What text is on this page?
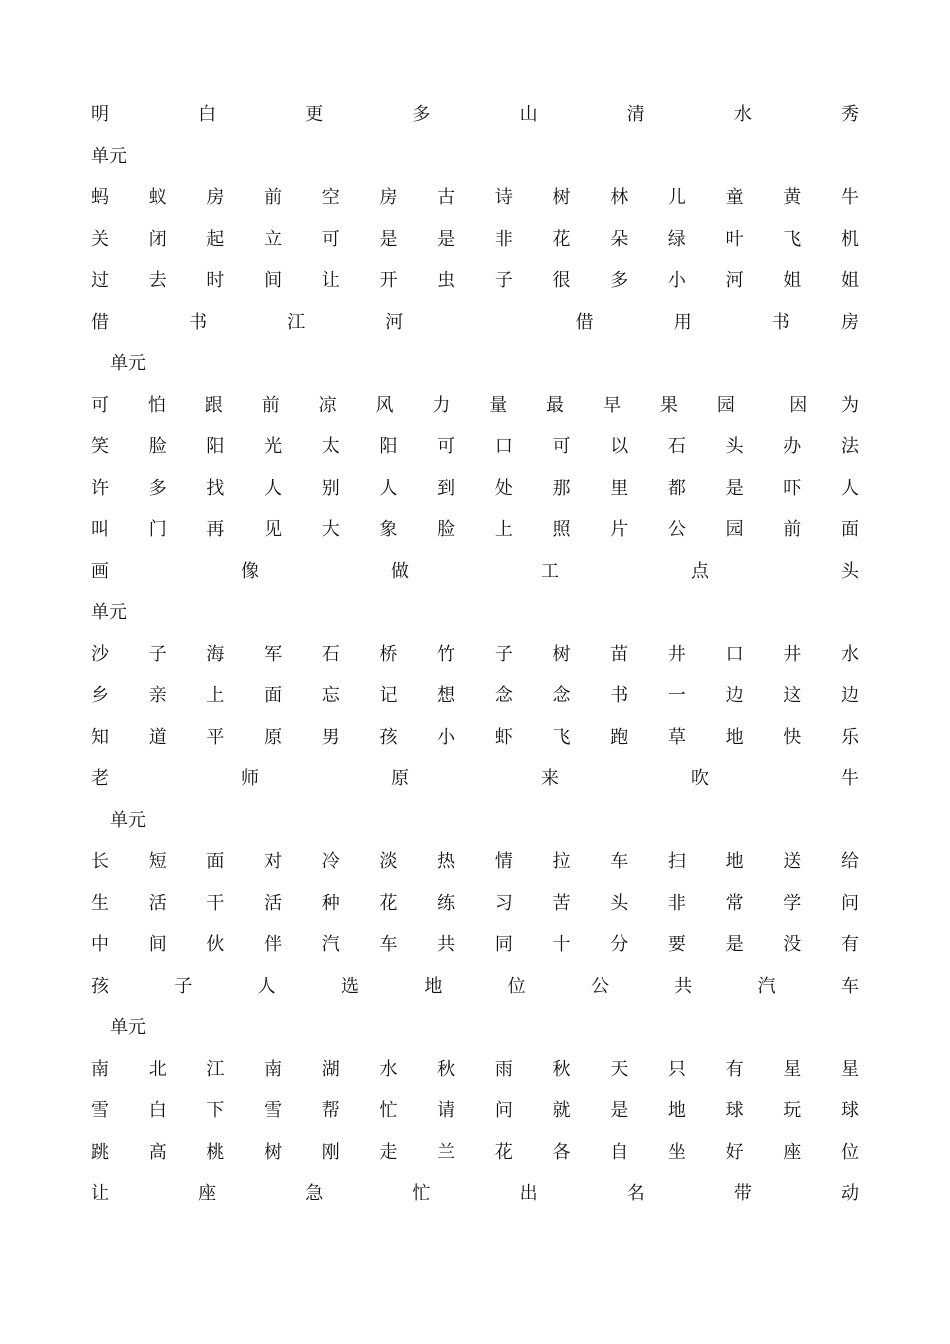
明	白	更	多	山	清	水	秀
单元
蚂 蚁 房 前 空 房 古 诗 树 林 儿 童 黄 牛
关 闭 起 立 可 是 是 非 花 朵 绿 叶 飞 机
过 去 时 间 让 开 虫 子 很 多 小 河 姐 姐
借	书	江	河	借	用	书	房
单元
可 怕 跟 前 凉 风 力 量 最 早 果 园	因 为
笑 脸 阳 光 太 阳 可 口 可 以 石 头 办 法
许 多 找 人 别 人 到 处 那 里 都 是 吓 人
叫 门 再 见 大 象 脸 上 照 片 公 园 前 面
画	像	做	工	点	头
单元
沙 子 海 军 石 桥 竹 子 树 苗 井 口 井 水
乡 亲 上 面 忘 记 想 念 念 书 一 边 这 边
知 道 平 原 男 孩 小 虾 飞 跑 草 地 快 乐
老	师	原	来	吹	牛
单元
长 短 面 对 冷 淡 热 情 拉 车 扫 地 送 给
生 活 干 活 种 花 练 习 苦 头 非 常 学 问
中 间 伙 伴 汽 车 共 同 十 分 要 是 没 有
孩	子	人	选	地	位	公	共	汽	车
单元
南 北 江 南 湖 水 秋 雨 秋 天 只 有 星 星
雪 白 下 雪 帮 忙 请 问 就 是 地 球 玩 球
跳 高 桃 树 刚 走 兰 花 各 自 坐 好 座 位
让	座	急	忙	出	名	带	动
